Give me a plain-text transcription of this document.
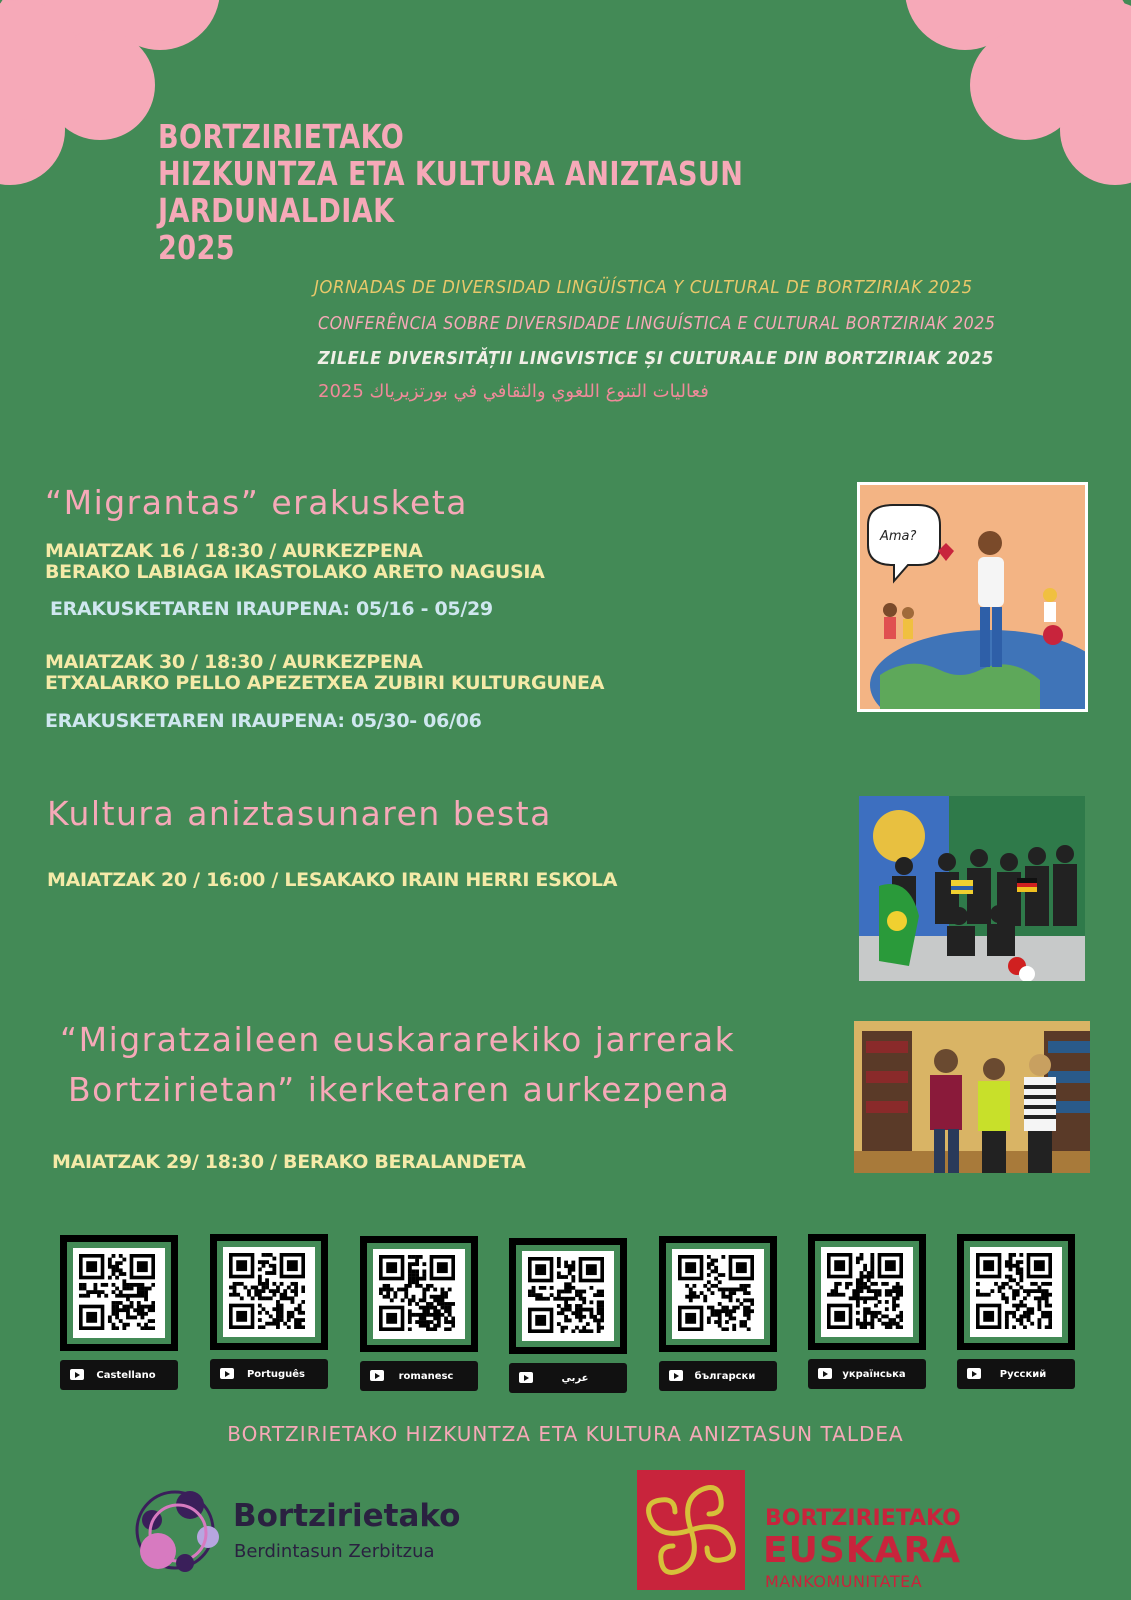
BORTZIRIETAKO
HIZKUNTZA ETA KULTURA ANIZTASUN
JARDUNALDIAK
2025
JORNADAS DE DIVERSIDAD LINGÜÍSTICA Y CULTURAL DE BORTZIRIAK 2025
CONFERÊNCIA SOBRE DIVERSIDADE LINGUÍSTICA E CULTURAL BORTZIRIAK 2025
ZILELE DIVERSITĂȚII LINGVISTICE ȘI CULTURALE DIN BORTZIRIAK 2025
فعاليات التنوع اللغوي والثقافي في بورتزيرياك 2025
“Migrantas” erakusketa
MAIATZAK 16 / 18:30 / AURKEZPENA
BERAKO LABIAGA IKASTOLAKO ARETO NAGUSIA
ERAKUSKETAREN IRAUPENA: 05/16 - 05/29
MAIATZAK 30 / 18:30 / AURKEZPENA
ETXALARKO PELLO APEZETXEA ZUBIRI KULTURGUNEA
ERAKUSKETAREN IRAUPENA: 05/30- 06/06
Ama?
Kultura aniztasunaren besta
MAIATZAK 20 / 16:00 / LESAKAKO IRAIN HERRI ESKOLA
“Migratzaileen euskararekiko jarrerak
Bortzirietan” ikerketaren aurkezpena
MAIATZAK 29/ 18:30 / BERAKO BERALANDETA
Castellano	Português	romanesc	عربي	български	українська	Русский
BORTZIRIETAKO HIZKUNTZA ETA KULTURA ANIZTASUN TALDEA
Bortzirietako
Berdintasun Zerbitzua
BORTZIRIETAKO
EUSKARA
MANKOMUNITATEA
